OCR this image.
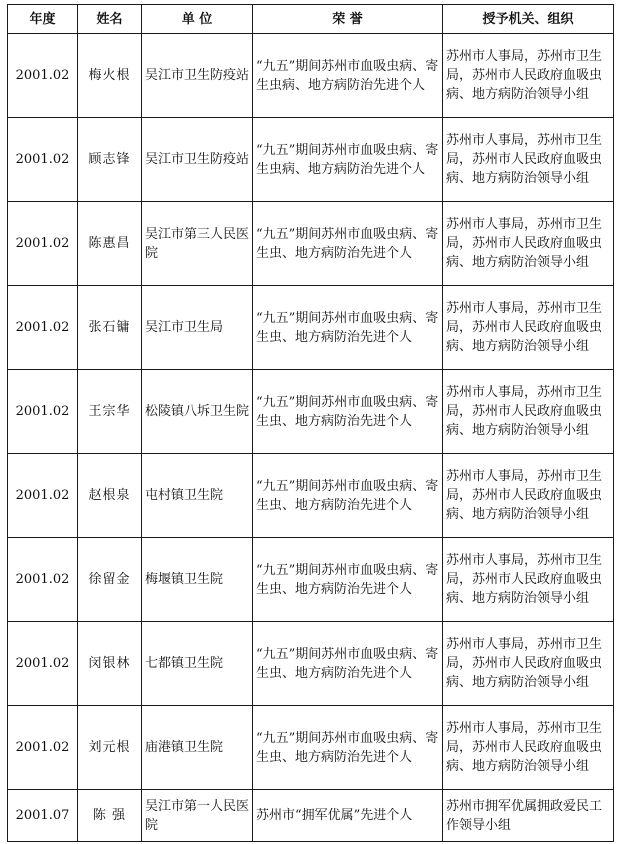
年度	姓名	单 位	荣 誉	授予机关、组织
2001.02	梅火根	吴江市卫生防疫站	“九五”期间苏州市血吸虫病、寄生虫病、地方病防治先进个人	苏州市人事局，苏州市卫生局，苏州市人民政府血吸虫病、地方病防治领导小组
2001.02	顾志锋	吴江市卫生防疫站	“九五”期间苏州市血吸虫病、寄生虫病、地方病防治先进个人	苏州市人事局，苏州市卫生局，苏州市人民政府血吸虫病、地方病防治领导小组
2001.02	陈惠昌	吴江市第三人民医院	“九五”期间苏州市血吸虫病、寄生虫、地方病防治先进个人	苏州市人事局，苏州市卫生局，苏州市人民政府血吸虫病、地方病防治领导小组
2001.02	张石镛	吴江市卫生局	“九五”期间苏州市血吸虫病、寄生虫、地方病防治先进个人	苏州市人事局，苏州市卫生局，苏州市人民政府血吸虫病、地方病防治领导小组
2001.02	王宗华	松陵镇八坼卫生院	“九五”期间苏州市血吸虫病、寄生虫、地方病防治先进个人	苏州市人事局，苏州市卫生局，苏州市人民政府血吸虫病、地方病防治领导小组
2001.02	赵根泉	屯村镇卫生院	“九五”期间苏州市血吸虫病、寄生虫、地方病防治先进个人	苏州市人事局，苏州市卫生局，苏州市人民政府血吸虫病、地方病防治领导小组
2001.02	徐留金	梅堰镇卫生院	“九五”期间苏州市血吸虫病、寄生虫、地方病防治先进个人	苏州市人事局，苏州市卫生局，苏州市人民政府血吸虫病、地方病防治领导小组
2001.02	闵银林	七都镇卫生院	“九五”期间苏州市血吸虫病、寄生虫、地方病防治先进个人	苏州市人事局，苏州市卫生局，苏州市人民政府血吸虫病、地方病防治领导小组
2001.02	刘元根	庙港镇卫生院	“九五”期间苏州市血吸虫病、寄生虫、地方病防治先进个人	苏州市人事局，苏州市卫生局，苏州市人民政府血吸虫病、地方病防治领导小组
2001.07	陈 强	吴江市第一人民医院	苏州市“拥军优属”先进个人	苏州市拥军优属拥政爱民工作领导小组
